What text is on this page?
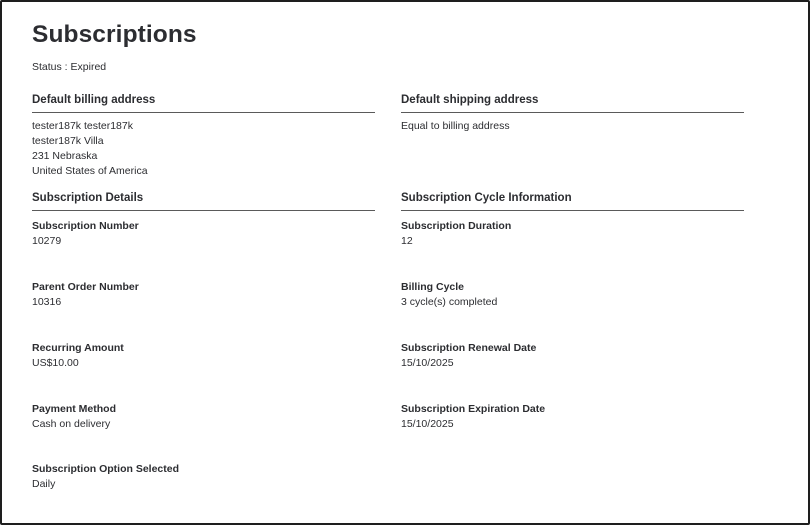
Subscriptions
Status : Expired
Default billing address
tester187k tester187k
tester187k Villa
231 Nebraska
United States of America
Default shipping address
Equal to billing address
Subscription Details	Subscription Cycle Information
Subscription Number
10279
Parent Order Number
10316
Recurring Amount
US$10.00
Payment Method
Cash on delivery
Subscription Option Selected
Daily
Subscription Duration
12
Billing Cycle
3 cycle(s) completed
Subscription Renewal Date
15/10/2025
Subscription Expiration Date
15/10/2025
